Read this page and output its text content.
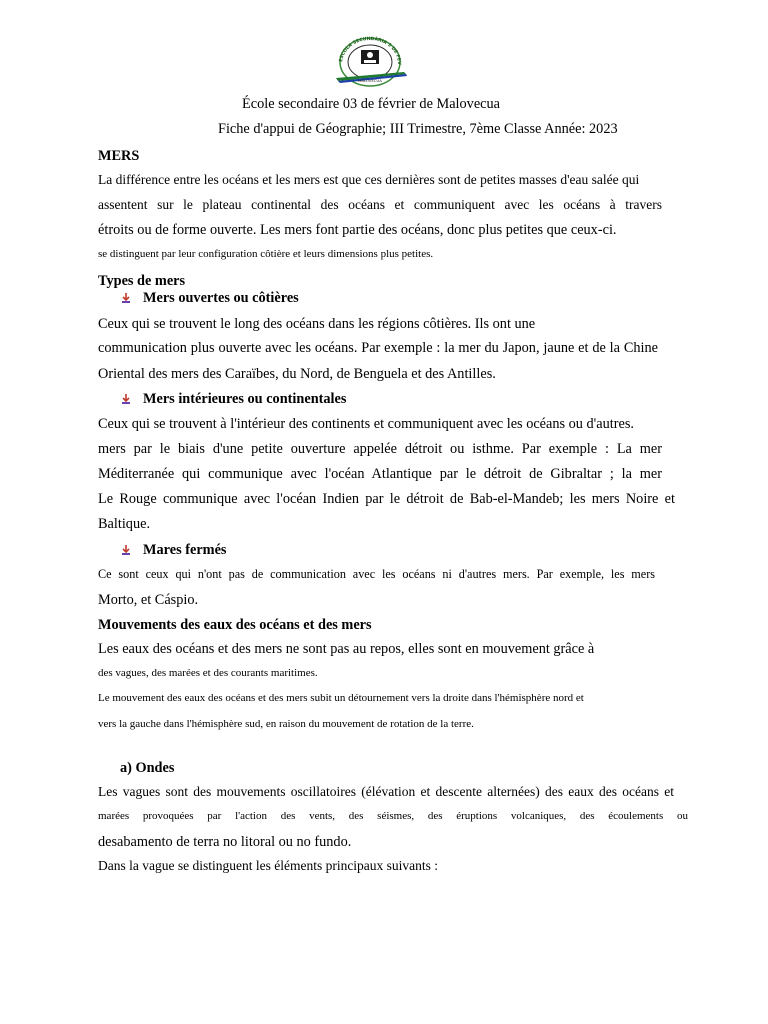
ESCOLA SECUNDÁRIA 3 DE FEV
MALOVECUA

École secondaire 03 de février de Malovecua

Fiche d'appui de Géographie; III Trimestre, 7ème Classe Année: 2023

MERS

La différence entre les océans et les mers est que ces dernières sont de petites masses d'eau salée qui

assentent sur le plateau continental des océans et communiquent avec les océans à travers

étroits ou de forme ouverte. Les mers font partie des océans, donc plus petites que ceux-ci.

se distinguent par leur configuration côtière et leurs dimensions plus petites.

Types de mers

Mers ouvertes ou côtières

Ceux qui se trouvent le long des océans dans les régions côtières. Ils ont une

communication plus ouverte avec les océans. Par exemple : la mer du Japon, jaune et de la Chine

Oriental des mers des Caraïbes, du Nord, de Benguela et des Antilles.

Mers intérieures ou continentales

Ceux qui se trouvent à l'intérieur des continents et communiquent avec les océans ou d'autres.

mers par le biais d'une petite ouverture appelée détroit ou isthme. Par exemple : La mer

Méditerranée qui communique avec l'océan Atlantique par le détroit de Gibraltar ; la mer

Le Rouge communique avec l'océan Indien par le détroit de Bab-el-Mandeb; les mers Noire et

Baltique.

Mares fermés

Ce sont ceux qui n'ont pas de communication avec les océans ni d'autres mers. Par exemple, les mers

Morto, et Cáspio.

Mouvements des eaux des océans et des mers

Les eaux des océans et des mers ne sont pas au repos, elles sont en mouvement grâce à

des vagues, des marées et des courants maritimes.

Le mouvement des eaux des océans et des mers subit un détournement vers la droite dans l'hémisphère nord et

vers la gauche dans l'hémisphère sud, en raison du mouvement de rotation de la terre.

a) Ondes

Les vagues sont des mouvements oscillatoires (élévation et descente alternées) des eaux des océans et

marées provoquées par l'action des vents, des séismes, des éruptions volcaniques, des écoulements ou

desabamento de terra no litoral ou no fundo.

Dans la vague se distinguent les éléments principaux suivants :
